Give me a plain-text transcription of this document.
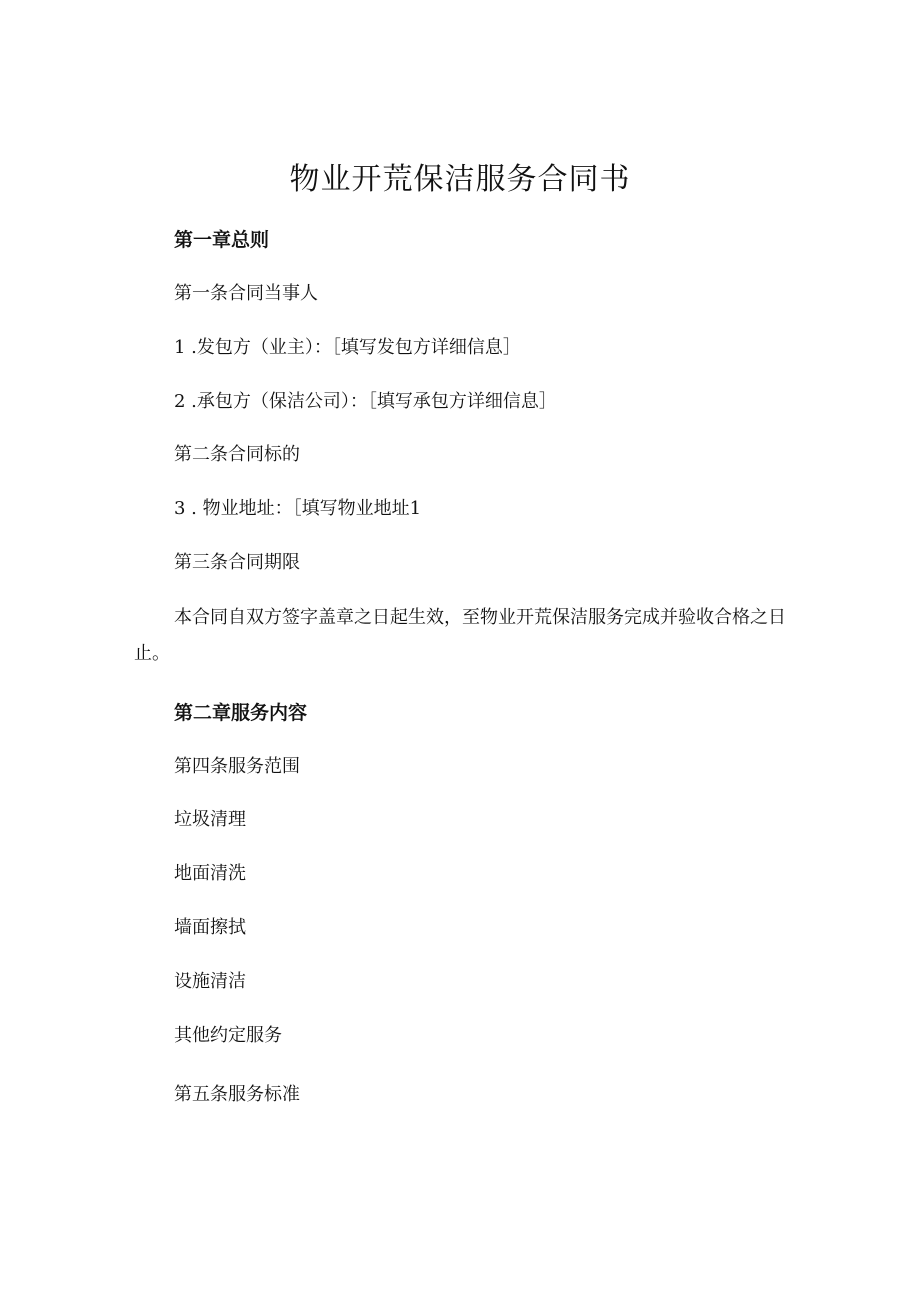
物业开荒保洁服务合同书
第一章总则
第一条合同当事人
1 .发包方（业主）：［填写发包方详细信息］
2 .承包方（保洁公司）：［填写承包方详细信息］
第二条合同标的
3 . 物业地址：［填写物业地址1
第三条合同期限

本合同自双方签字盖章之日起生效，至物业开荒保洁服务完成并验收合格之日止。

第二章服务内容
第四条服务范围
垃圾清理
地面清洗
墙面擦拭
设施清洁
其他约定服务
第五条服务标准
